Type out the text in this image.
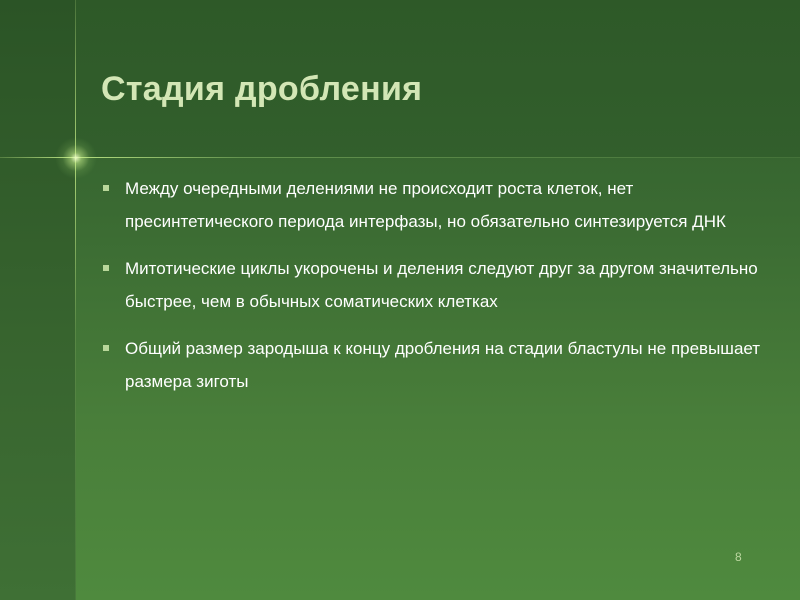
Стадия дробления
Между очередными делениями не происходит роста клеток, нет пресинтетического периода интерфазы, но обязательно синтезируется ДНК
Митотические циклы укорочены и деления следуют друг за другом значительно быстрее, чем в обычных соматических клетках
Общий размер зародыша к концу дробления на стадии бластулы не превышает размера зиготы
8
